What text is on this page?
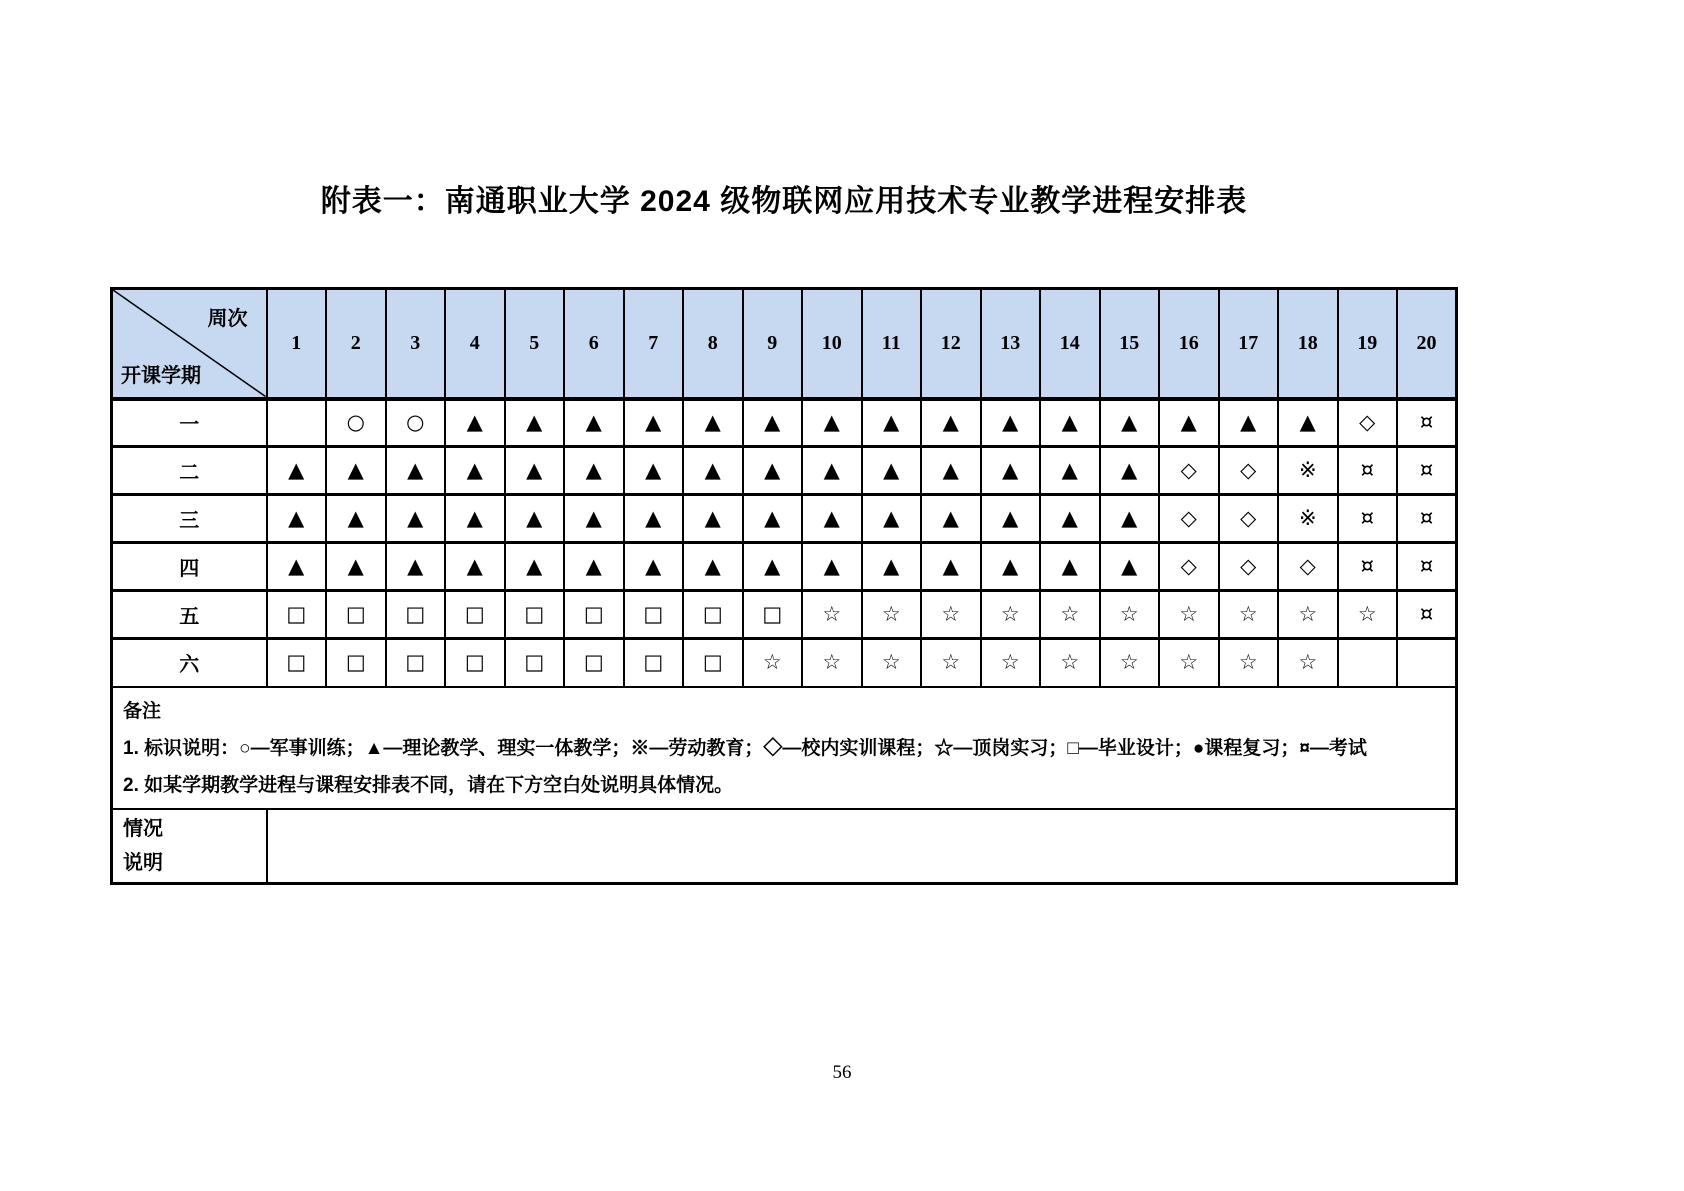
附表一：南通职业大学 2024 级物联网应用技术专业教学进程安排表
周次
开课学期	1	2	3	4	5	6	7	8	9	10	11	12	13	14	15	16	17	18	19	20
一		○	○	▲	▲	▲	▲	▲	▲	▲	▲	▲	▲	▲	▲	▲	▲	▲	◇	¤
二	▲	▲	▲	▲	▲	▲	▲	▲	▲	▲	▲	▲	▲	▲	▲	◇	◇	※	¤	¤
三	▲	▲	▲	▲	▲	▲	▲	▲	▲	▲	▲	▲	▲	▲	▲	◇	◇	※	¤	¤
四	▲	▲	▲	▲	▲	▲	▲	▲	▲	▲	▲	▲	▲	▲	▲	◇	◇	◇	¤	¤
五	□	□	□	□	□	□	□	□	□	☆	☆	☆	☆	☆	☆	☆	☆	☆	☆	¤
六	□	□	□	□	□	□	□	□	☆	☆	☆	☆	☆	☆	☆	☆	☆	☆		

备注
1. 标识说明：○—军事训练；▲—理论教学、理实一体教学；※—劳动教育；◇—校内实训课程；☆—顶岗实习；□—毕业设计；●课程复习；¤—考试
2. 如某学期教学进程与课程安排表不同，请在下方空白处说明具体情况。																				

情况
说明																				

56
